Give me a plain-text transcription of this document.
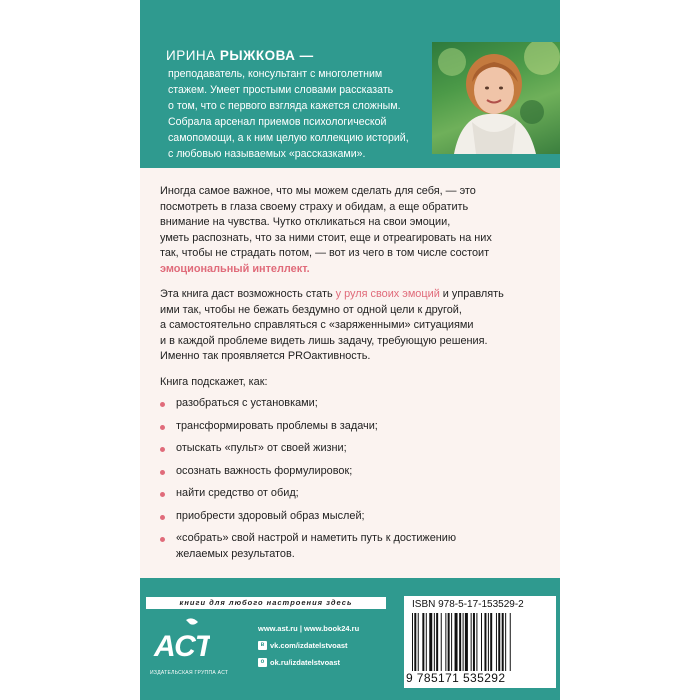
ИРИНА РЫЖКОВА —
преподаватель, консультант с многолетним
стажем. Умеет простыми словами рассказать
о том, что с первого взгляда кажется сложным.
Собрала арсенал приемов психологической
самопомощи, а к ним целую коллекцию историй,
с любовью называемых «рассказками».
Иногда самое важное, что мы можем сделать для себя, — это
посмотреть в глаза своему страху и обидам, а еще обратить
внимание на чувства. Чутко откликаться на свои эмоции,
уметь распознать, что за ними стоит, еще и отреагировать на них
так, чтобы не страдать потом, — вот из чего в том числе состоит
эмоциональный интеллект.
Эта книга даст возможность стать у руля своих эмоций и управлять
ими так, чтобы не бежать бездумно от одной цели к другой,
а самостоятельно справляться с «заряженными» ситуациями
и в каждой проблеме видеть лишь задачу, требующую решения.
Именно так проявляется PROактивность.
Книга подскажет, как:
разобраться с установками;
трансформировать проблемы в задачи;
отыскать «пульт» от своей жизни;
осознать важность формулировок;
найти средство от обид;
приобрести здоровый образ мыслей;
«собрать» свой настрой и наметить путь к достижению
желаемых результатов.
книги для любого настроения здесь
АСТ
ИЗДАТЕЛЬСКАЯ ГРУППА АСТ
www.ast.ru | www.book24.ru
в vk.com/izdatelstvoast
о ok.ru/izdatelstvoast
ISBN 978-5-17-153529-2
9 785171 535292
